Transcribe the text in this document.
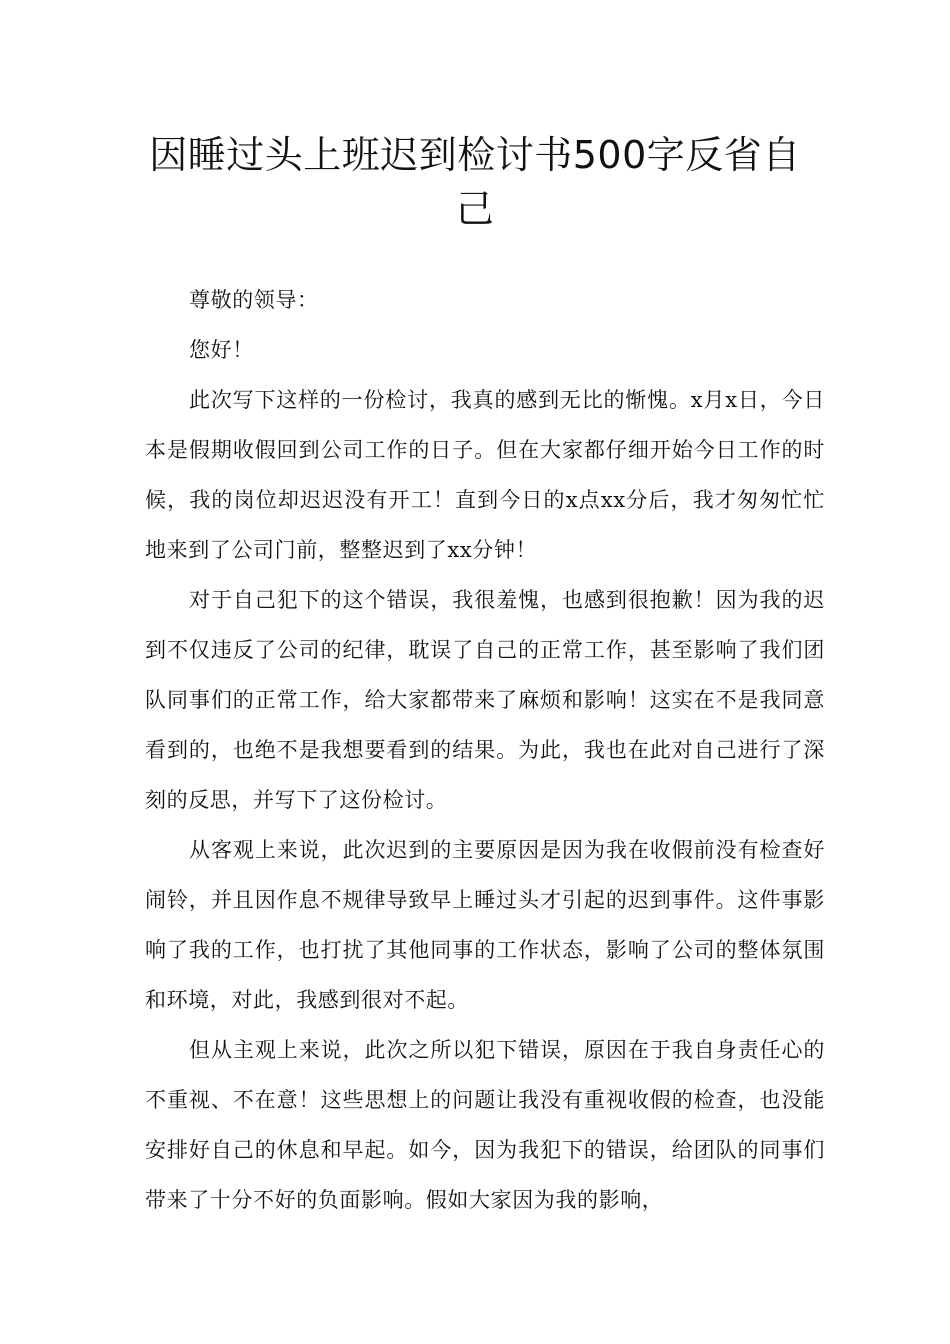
因睡过头上班迟到检讨书500字反省自己

尊敬的领导：

您好！

此次写下这样的一份检讨，我真的感到无比的惭愧。x月x日，今日本是假期收假回到公司工作的日子。但在大家都仔细开始今日工作的时候，我的岗位却迟迟没有开工！直到今日的x点xx分后，我才匆匆忙忙地来到了公司门前，整整迟到了xx分钟！

对于自己犯下的这个错误，我很羞愧，也感到很抱歉！因为我的迟到不仅违反了公司的纪律，耽误了自己的正常工作，甚至影响了我们团队同事们的正常工作，给大家都带来了麻烦和影响！这实在不是我同意看到的，也绝不是我想要看到的结果。为此，我也在此对自己进行了深刻的反思，并写下了这份检讨。

从客观上来说，此次迟到的主要原因是因为我在收假前没有检查好闹铃，并且因作息不规律导致早上睡过头才引起的迟到事件。这件事影响了我的工作，也打扰了其他同事的工作状态，影响了公司的整体氛围和环境，对此，我感到很对不起。

但从主观上来说，此次之所以犯下错误，原因在于我自身责任心的不重视、不在意！这些思想上的问题让我没有重视收假的检查，也没能安排好自己的休息和早起。如今，因为我犯下的错误，给团队的同事们带来了十分不好的负面影响。假如大家因为我的影响，
